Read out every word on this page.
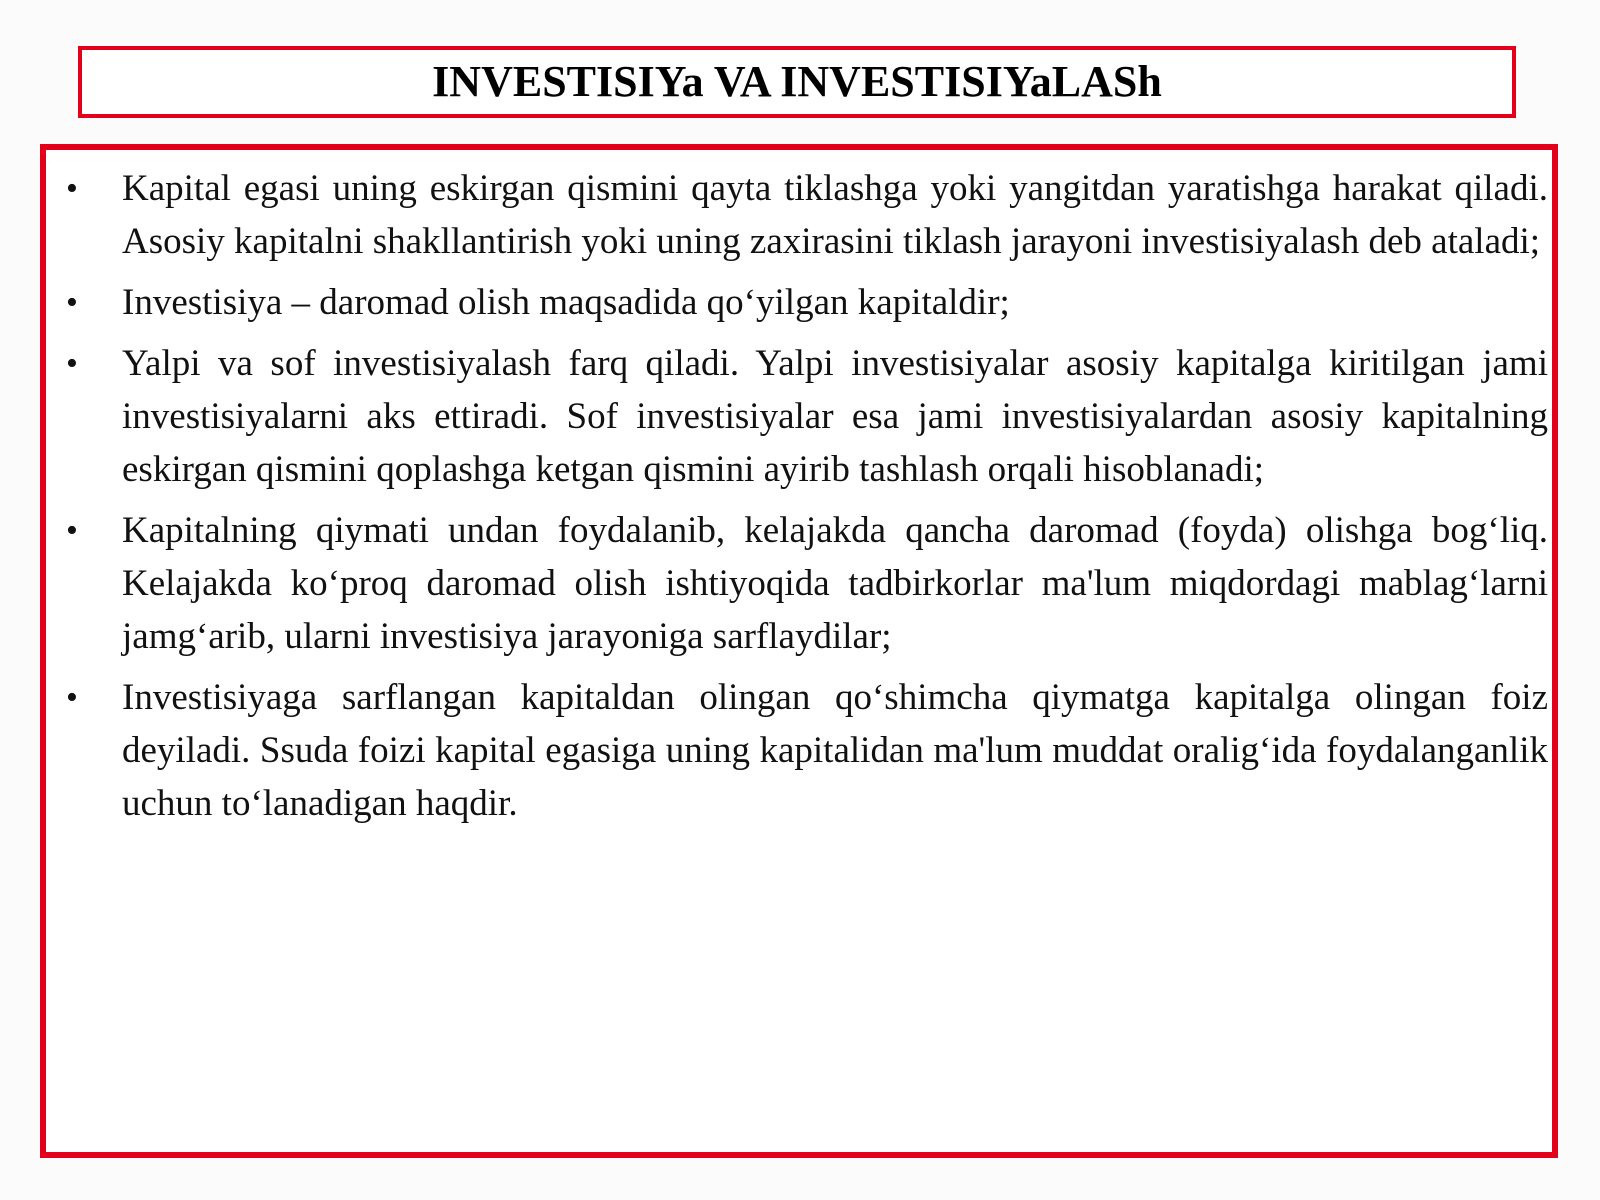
INVESTISIYa VA INVESTISIYaLASh
• Kapital egasi uning eskirgan qismini qayta tiklashga yoki yangitdan yaratishga harakat qiladi. Asosiy kapitalni shakllantirish yoki uning zaxirasini tiklash jarayoni investisiyalash deb ataladi;
• Investisiya – daromad olish maqsadida qo‘yilgan kapitaldir;
• Yalpi va sof investisiyalash farq qiladi. Yalpi investisiyalar asosiy kapitalga kiritilgan jami investisiyalarni aks ettiradi. Sof investisiyalar esa jami investisiyalardan asosiy kapitalning eskirgan qismini qoplashga ketgan qismini ayirib tashlash orqali hisoblanadi;
• Kapitalning qiymati undan foydalanib, kelajakda qancha daromad (foyda) olishga bog‘liq. Kelajakda ko‘proq daromad olish ishtiyoqida tadbirkorlar ma'lum miqdordagi mablag‘larni jamg‘arib, ularni investisiya jarayoniga sarflaydilar;
• Investisiyaga sarflangan kapitaldan olingan qo‘shimcha qiymatga kapitalga olingan foiz deyiladi. Ssuda foizi kapital egasiga uning kapitalidan ma'lum muddat oralig‘ida foydalanganlik uchun to‘lanadigan haqdir.
